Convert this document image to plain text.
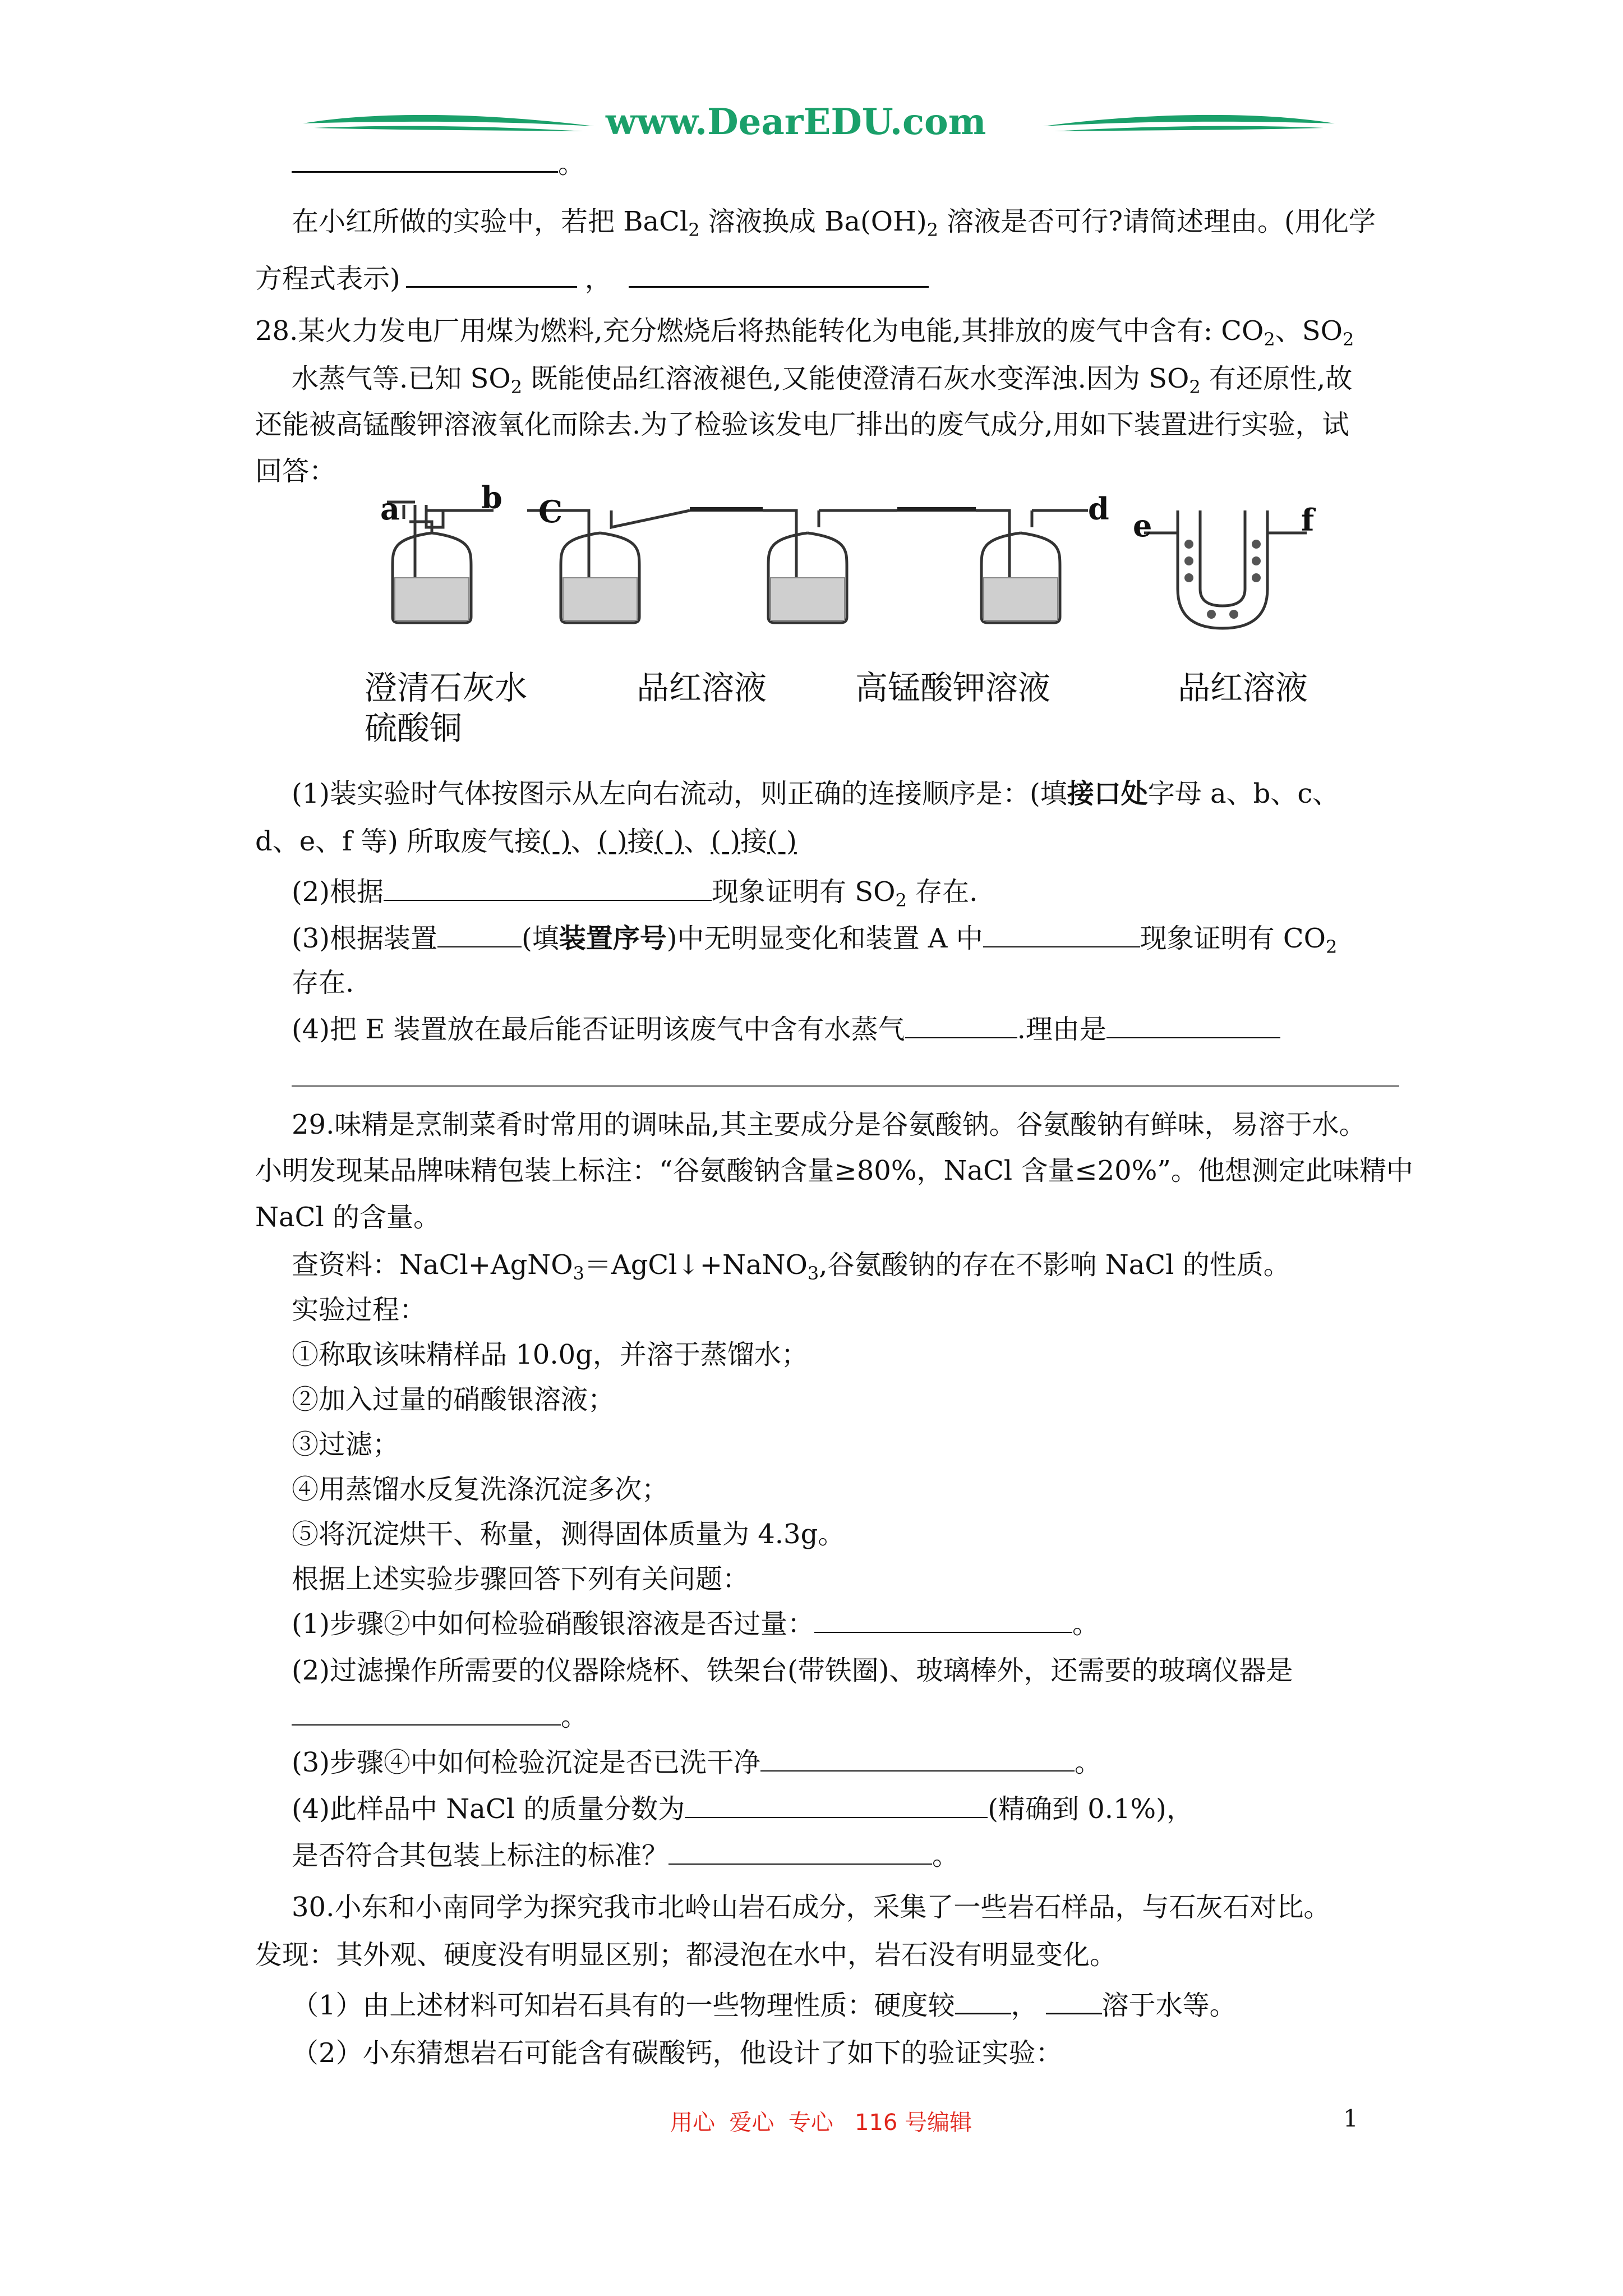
www.DearEDU.com
。
在小红所做的实验中，若把 BaCl$_2$ 溶液换成 $Ba(OH)_2$ 溶液是否可行?请简述理由。(用化学
方程式表示)	，
28.某火力发电厂用煤为燃料,充分燃烧后将热能转化为电能,其排放的废气中含有: $CO_2$、$SO_2$
水蒸气等.已知 $SO_2$ 既能使品红溶液褪色,又能使澄清石灰水变浑浊.因为 $SO_2$ 有还原性,故
还能被高锰酸钾溶液氧化而除去.为了检验该发电厂排出的废气成分,用如下装置进行实验，试
回答：
a	b C	d e	f
澄清石灰水
硫酸铜
品红溶液	高锰酸钾溶液	品红溶液
(1)装实验时气体按图示从左向右流动，则正确的连接顺序是：(填接口处字母 a、b、c、
d、e、f 等) 所取废气接( )、( )接( )、( )接( )
(2)根据	现象证明有 $SO_2$ 存在.
(3)根据装置	(填装置序号)中无明显变化和装置 A 中	现象证明有 $CO_2$
存在.
(4)把 E 装置放在最后能否证明该废气中含有水蒸气	.理由是
29.味精是烹制菜肴时常用的调味品,其主要成分是谷氨酸钠。谷氨酸钠有鲜味，易溶于水。
小明发现某品牌味精包装上标注：“谷氨酸钠含量≥80%，NaCl 含量≤20%”。他想测定此味精中
NaCl 的含量。
查资料：NaCl+AgNO$_3$＝AgCl↓+NaNO$_3$,谷氨酸钠的存在不影响 NaCl 的性质。
实验过程：
①称取该味精样品 10.0g，并溶于蒸馏水；
②加入过量的硝酸银溶液；
③过滤；
④用蒸馏水反复洗涤沉淀多次；
⑤将沉淀烘干、称量，测得固体质量为 4.3g。
根据上述实验步骤回答下列有关问题：
(1)步骤②中如何检验硝酸银溶液是否过量：	。
(2)过滤操作所需要的仪器除烧杯、铁架台(带铁圈)、玻璃棒外，还需要的玻璃仪器是
。
(3)步骤④中如何检验沉淀是否已洗干净	。
(4)此样品中 NaCl 的质量分数为	(精确到 0.1%)，
是否符合其包装上标注的标准？	。
30.小东和小南同学为探究我市北岭山岩石成分，采集了一些岩石样品，与石灰石对比。
发现：其外观、硬度没有明显区别；都浸泡在水中，岩石没有明显变化。
（1）由上述材料可知岩石具有的一些物理性质：硬度较 ， 溶于水等。
（2）小东猜想岩石可能含有碳酸钙，他设计了如下的验证实验：
用心  爱心  专心   116 号编辑	1
